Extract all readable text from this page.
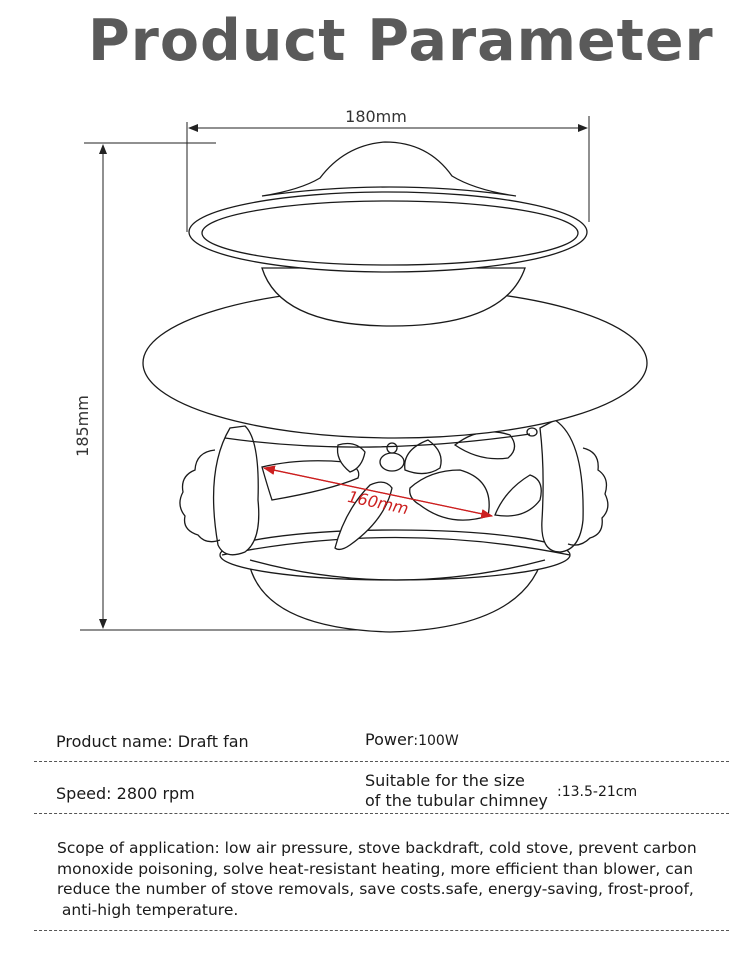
Product Parameter
180mm
185mm
160mm
Product name: Draft fan	Power:100W
Speed: 2800 rpm
Suitable for the size
of the tubular chimney :13.5-21cm
Scope of application: low air pressure, stove backdraft, cold stove, prevent carbon
monoxide poisoning, solve heat-resistant heating, more efficient than blower, can
reduce the number of stove removals, save costs.safe, energy-saving, frost-proof,
anti-high temperature.
